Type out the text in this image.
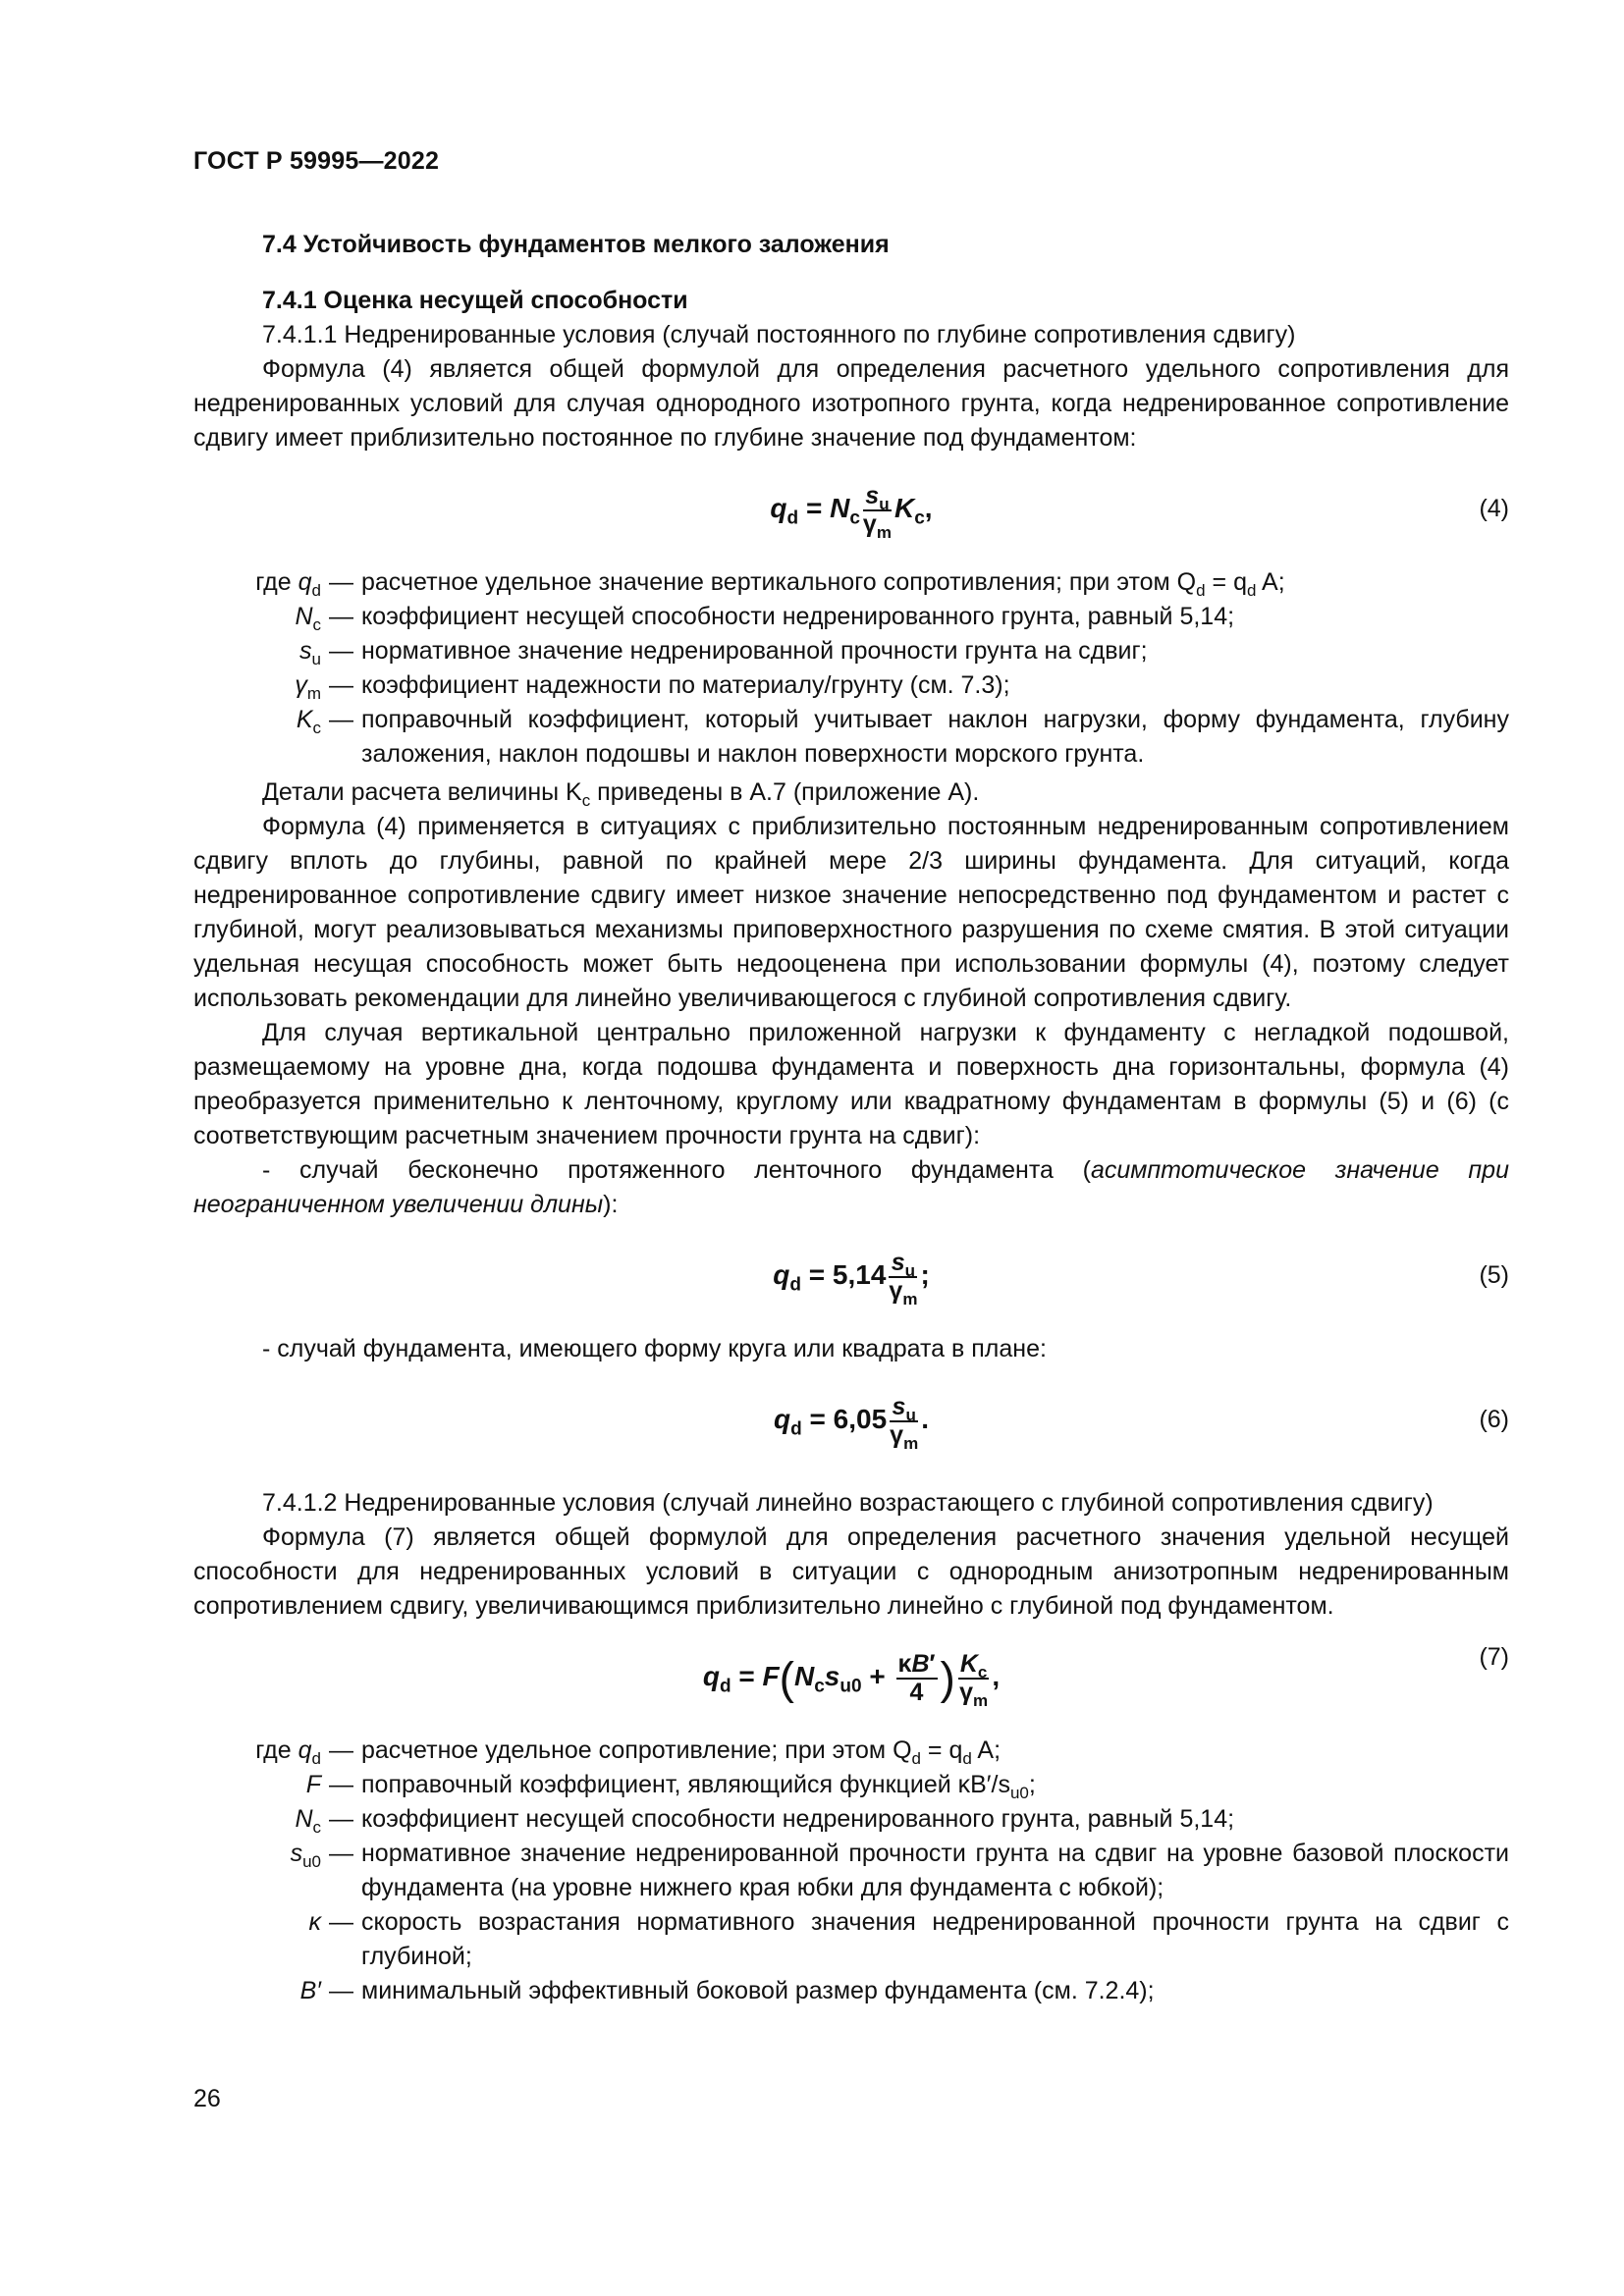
ГОСТ Р 59995—2022

7.4 Устойчивость фундаментов мелкого заложения

7.4.1 Оценка несущей способности

7.4.1.1 Недренированные условия (случай постоянного по глубине сопротивления сдвигу)

Формула (4) является общей формулой для определения расчетного удельного сопротивления для недренированных условий для случая однородного изотропного грунта, когда недренированное сопротивление сдвигу имеет приблизительно постоянное по глубине значение под фундаментом:

$q_d = N_c \frac{s_u}{\gamma_m} K_c$,	(4)
где $q_d$ — расчетное удельное значение вертикального сопротивления; при этом $Q_d = q_d$ A;
$N_c$ — коэффициент несущей способности недренированного грунта, равный 5,14;
$s_u$ — нормативное значение недренированной прочности грунта на сдвиг;
$\gamma_m$ — коэффициент надежности по материалу/грунту (см. 7.3);
$K_c$ — поправочный коэффициент, который учитывает наклон нагрузки, форму фундамента, глубину заложения, наклон подошвы и наклон поверхности морского грунта.

Детали расчета величины $K_c$ приведены в А.7 (приложение А).

Формула (4) применяется в ситуациях с приблизительно постоянным недренированным сопротивлением сдвигу вплоть до глубины, равной по крайней мере 2/3 ширины фундамента. Для ситуаций, когда недренированное сопротивление сдвигу имеет низкое значение непосредственно под фундаментом и растет с глубиной, могут реализовываться механизмы приповерхностного разрушения по схеме смятия. В этой ситуации удельная несущая способность может быть недооценена при использовании формулы (4), поэтому следует использовать рекомендации для линейно увеличивающегося с глубиной сопротивления сдвигу.

Для случая вертикальной центрально приложенной нагрузки к фундаменту с негладкой подошвой, размещаемому на уровне дна, когда подошва фундамента и поверхность дна горизонтальны, формула (4) преобразуется применительно к ленточному, круглому или квадратному фундаментам в формулы (5) и (6) (с соответствующим расчетным значением прочности грунта на сдвиг):

- случай бесконечно протяженного ленточного фундамента (асимптотическое значение при неограниченном увеличении длины):

$q_d = 5,14 \frac{s_u}{\gamma_m}$ ;	(5)

- случай фундамента, имеющего форму круга или квадрата в плане:

$q_d = 6,05 \frac{s_u}{\gamma_m}$ .	(6)

7.4.1.2 Недренированные условия (случай линейно возрастающего с глубиной сопротивления сдвигу)

Формула (7) является общей формулой для определения расчетного значения удельной несущей способности для недренированных условий в ситуации с однородным анизотропным недренированным сопротивлением сдвигу, увеличивающимся приблизительно линейно с глубиной под фундаментом.

$q_d = F(N_cs_{u0} + \frac{\kappa B'}{4}$ ) $\frac{K_c}{\gamma_m}$ ,
(7)
где $q_d$ — расчетное удельное сопротивление; при этом $Q_d = q_d$ A;
F — поправочный коэффициент, являющийся функцией $\kappa B'/s_{u0}$;
$N_c$ — коэффициент несущей способности недренированного грунта, равный 5,14;
$s_{u0}$ — нормативное значение недренированной прочности грунта на сдвиг на уровне базовой плоскости фундамента (на уровне нижнего края юбки для фундамента с юбкой);
κ — скорость возрастания нормативного значения недренированной прочности грунта на сдвиг с глубиной;
B′ — минимальный эффективный боковой размер фундамента (см. 7.2.4);
26
